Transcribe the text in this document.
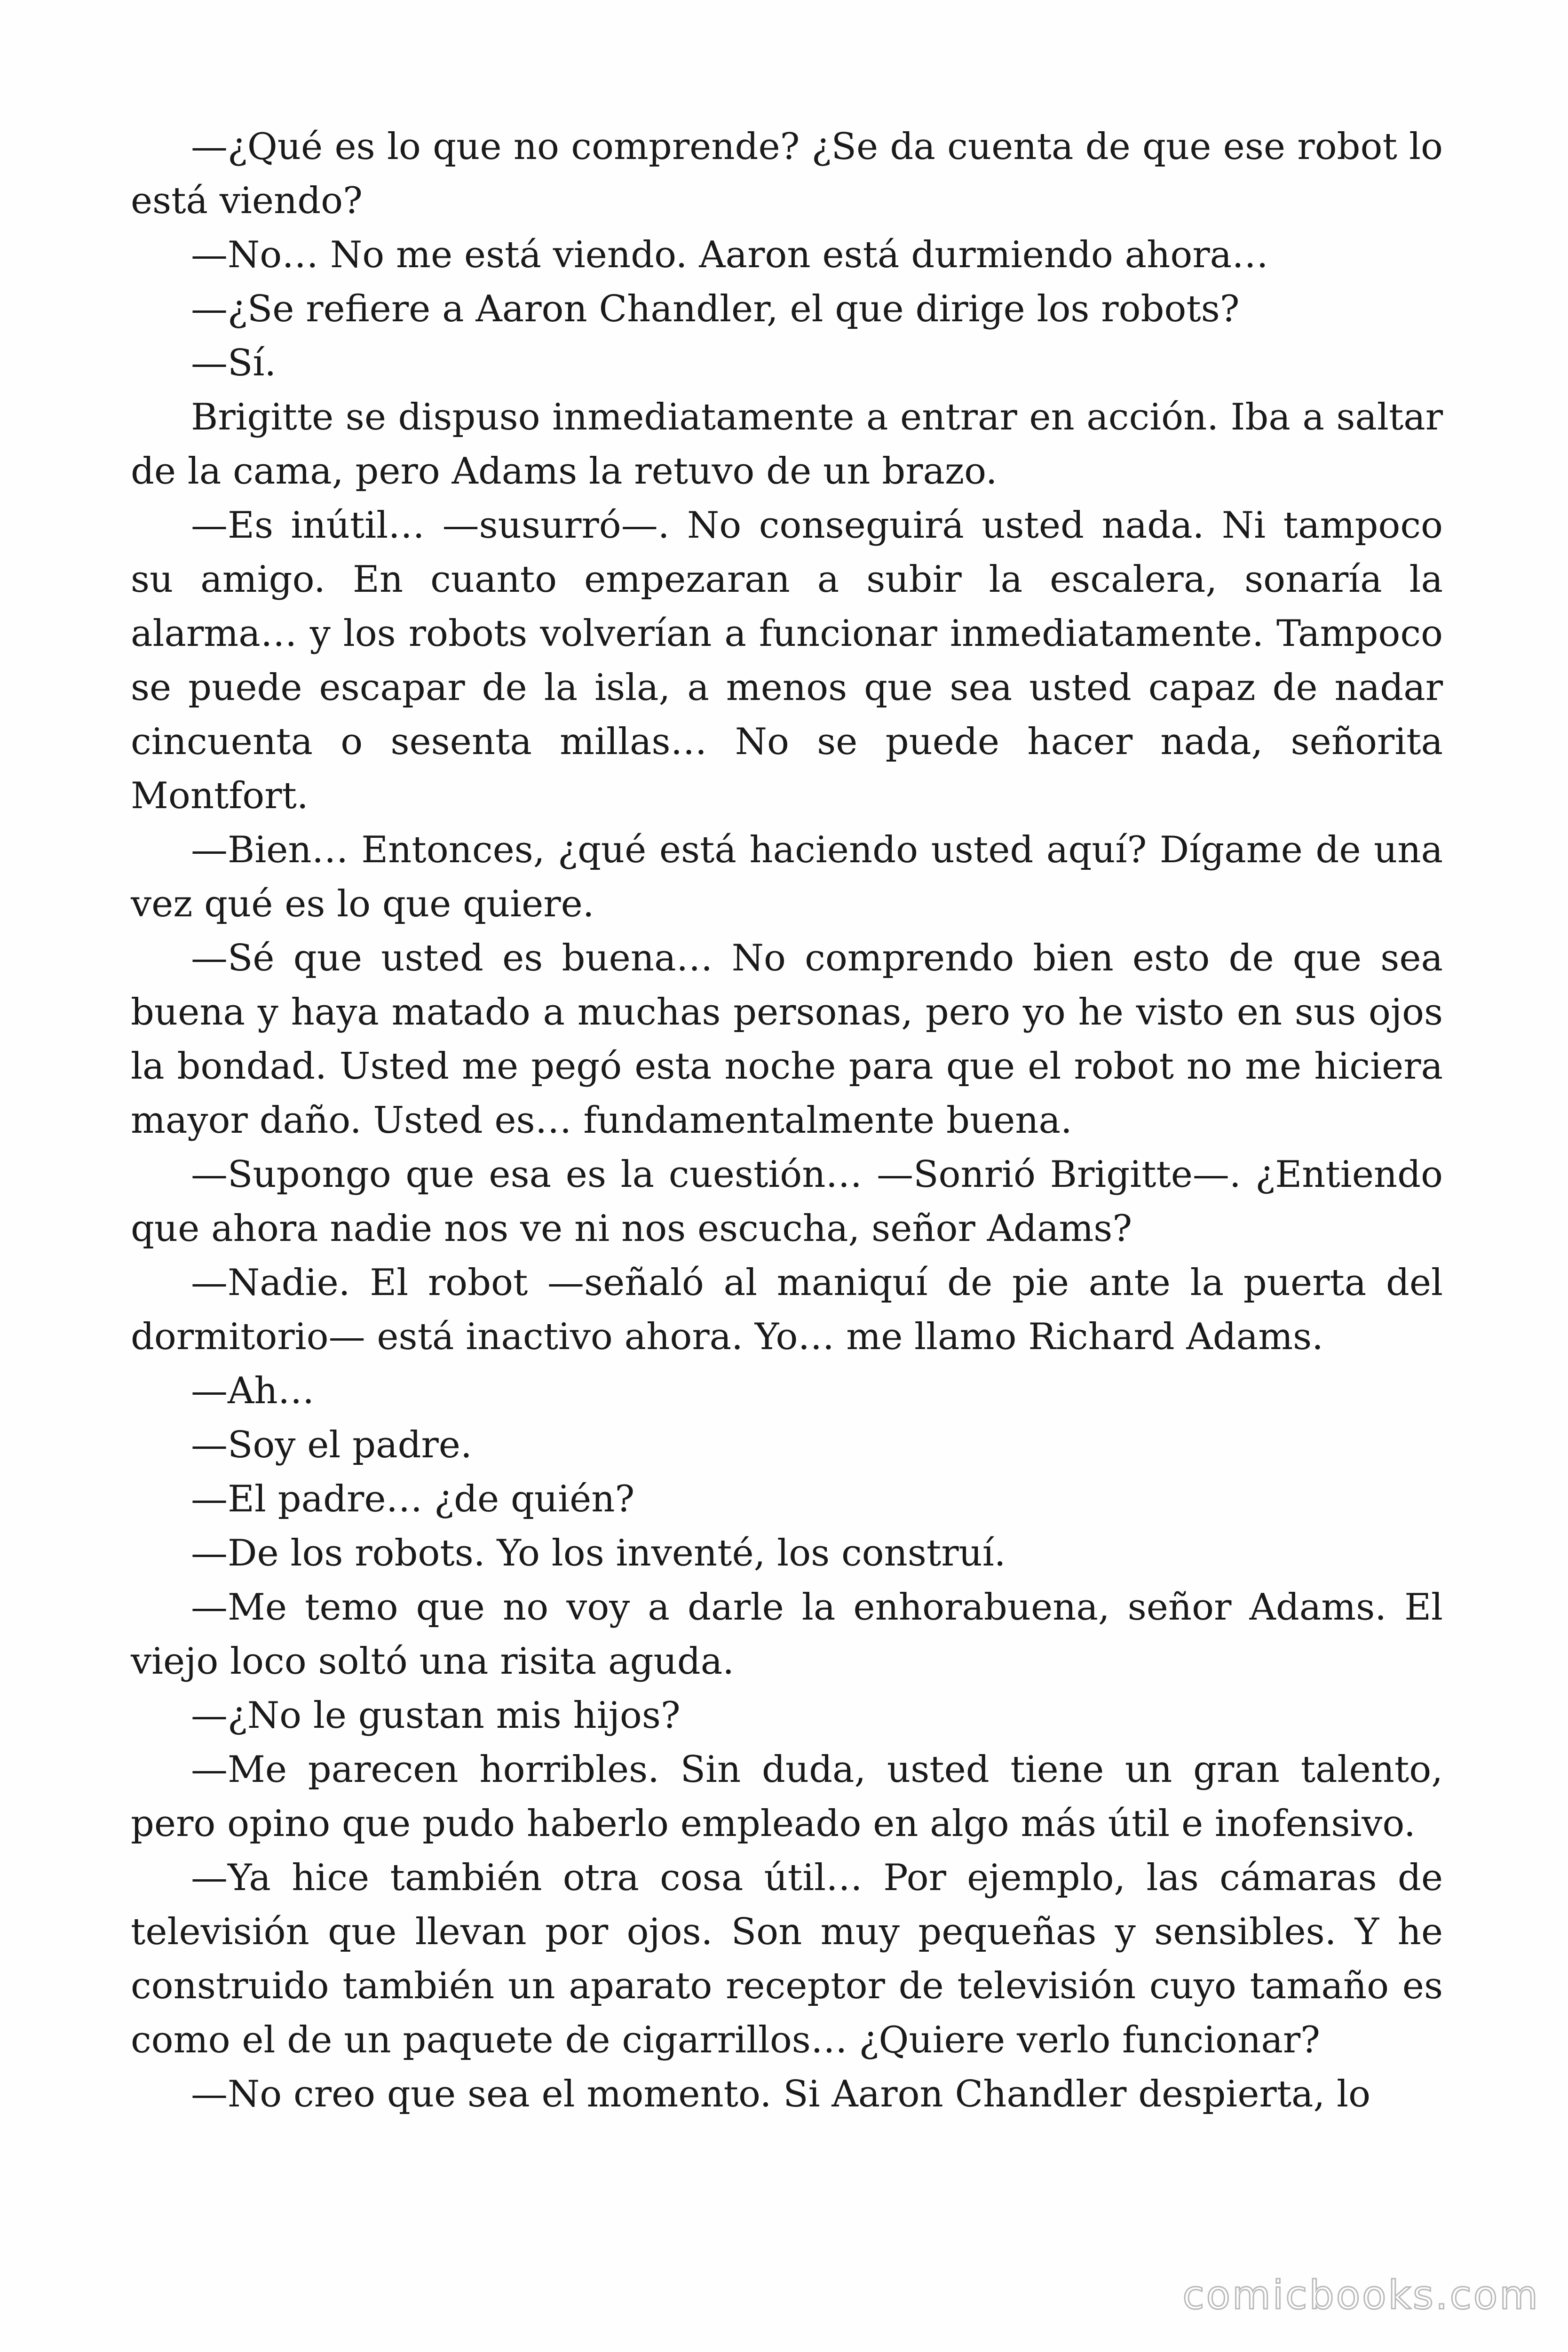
—¿Qué es lo que no comprende? ¿Se da cuenta de que ese robot lo está viendo?

—No… No me está viendo. Aaron está durmiendo ahora…

—¿Se refiere a Aaron Chandler, el que dirige los robots?

—Sí.

Brigitte se dispuso inmediatamente a entrar en acción. Iba a saltar de la cama, pero Adams la retuvo de un brazo.

—Es inútil… —susurró—. No conseguirá usted nada. Ni tampoco su amigo. En cuanto empezaran a subir la escalera, sonaría la alarma… y los robots volverían a funcionar inmediatamente. Tampoco se puede escapar de la isla, a menos que sea usted capaz de nadar cincuenta o sesenta millas… No se puede hacer nada, señorita Montfort.

—Bien… Entonces, ¿qué está haciendo usted aquí? Dígame de una vez qué es lo que quiere.

—Sé que usted es buena… No comprendo bien esto de que sea buena y haya matado a muchas personas, pero yo he visto en sus ojos la bondad. Usted me pegó esta noche para que el robot no me hiciera mayor daño. Usted es… fundamentalmente buena.

—Supongo que esa es la cuestión… —Sonrió Brigitte—. ¿Entiendo que ahora nadie nos ve ni nos escucha, señor Adams?

—Nadie. El robot —señaló al maniquí de pie ante la puerta del dormitorio— está inactivo ahora. Yo… me llamo Richard Adams.

—Ah…

—Soy el padre.

—El padre… ¿de quién?

—De los robots. Yo los inventé, los construí.

—Me temo que no voy a darle la enhorabuena, señor Adams. El viejo loco soltó una risita aguda.

—¿No le gustan mis hijos?

—Me parecen horribles. Sin duda, usted tiene un gran talento, pero opino que pudo haberlo empleado en algo más útil e inofensivo.

—Ya hice también otra cosa útil… Por ejemplo, las cámaras de televisión que llevan por ojos. Son muy pequeñas y sensibles. Y he construido también un aparato receptor de televisión cuyo tamaño es como el de un paquete de cigarrillos… ¿Quiere verlo funcionar?

—No creo que sea el momento. Si Aaron Chandler despierta, lo

comicbooks.com
